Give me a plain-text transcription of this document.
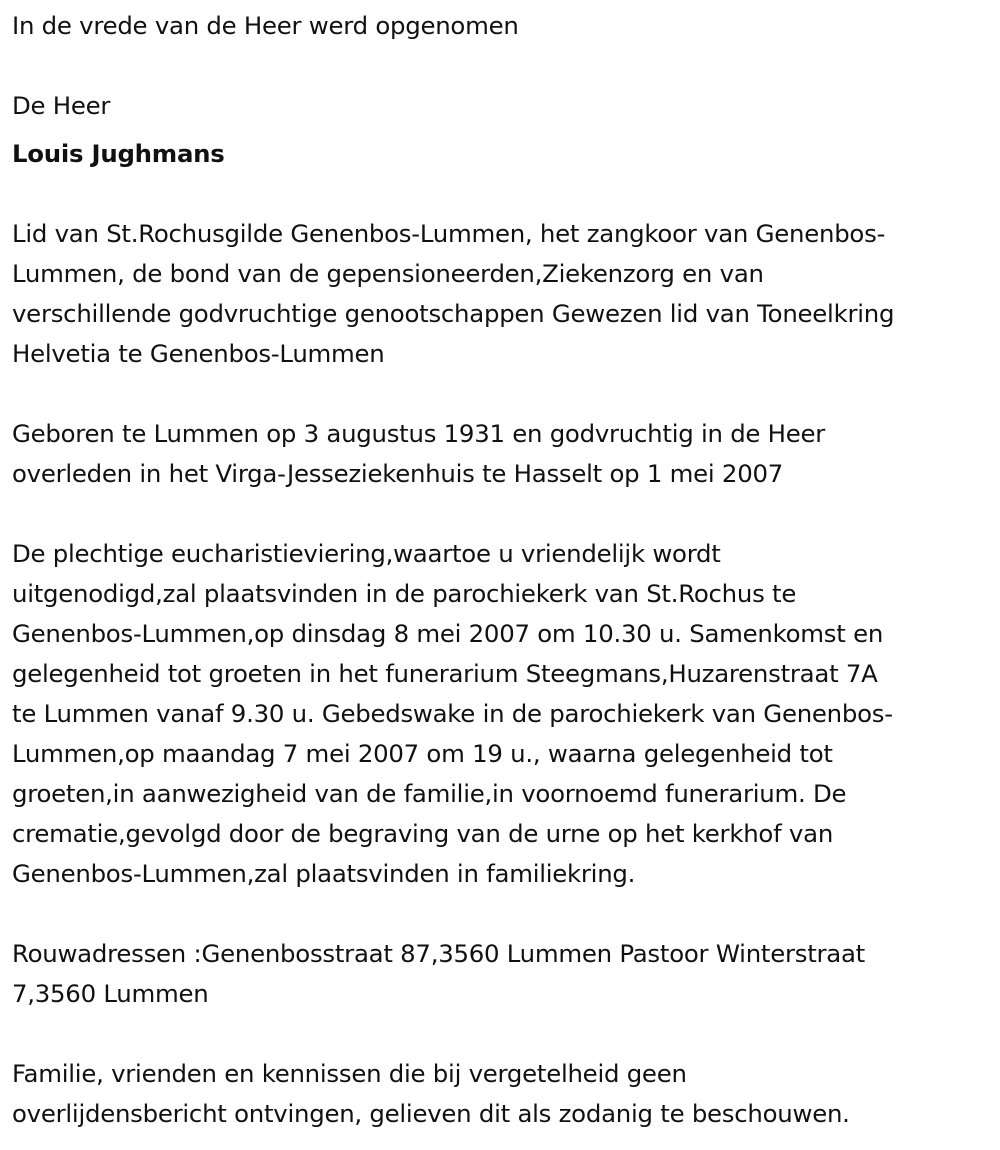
In de vrede van de Heer werd opgenomen
De Heer
Louis Jughmans
Lid van St.Rochusgilde Genenbos-Lummen, het zangkoor van Genenbos-
Lummen, de bond van de gepensioneerden,Ziekenzorg en van
verschillende godvruchtige genootschappen Gewezen lid van Toneelkring
Helvetia te Genenbos-Lummen
Geboren te Lummen op 3 augustus 1931 en godvruchtig in de Heer
overleden in het Virga-Jesseziekenhuis te Hasselt op 1 mei 2007
De plechtige eucharistieviering,waartoe u vriendelijk wordt
uitgenodigd,zal plaatsvinden in de parochiekerk van St.Rochus te
Genenbos-Lummen,op dinsdag 8 mei 2007 om 10.30 u. Samenkomst en
gelegenheid tot groeten in het funerarium Steegmans,Huzarenstraat 7A
te Lummen vanaf 9.30 u. Gebedswake in de parochiekerk van Genenbos-
Lummen,op maandag 7 mei 2007 om 19 u., waarna gelegenheid tot
groeten,in aanwezigheid van de familie,in voornoemd funerarium. De
crematie,gevolgd door de begraving van de urne op het kerkhof van
Genenbos-Lummen,zal plaatsvinden in familiekring.
Rouwadressen :Genenbosstraat 87,3560 Lummen Pastoor Winterstraat
7,3560 Lummen
Familie, vrienden en kennissen die bij vergetelheid geen
overlijdensbericht ontvingen, gelieven dit als zodanig te beschouwen.
